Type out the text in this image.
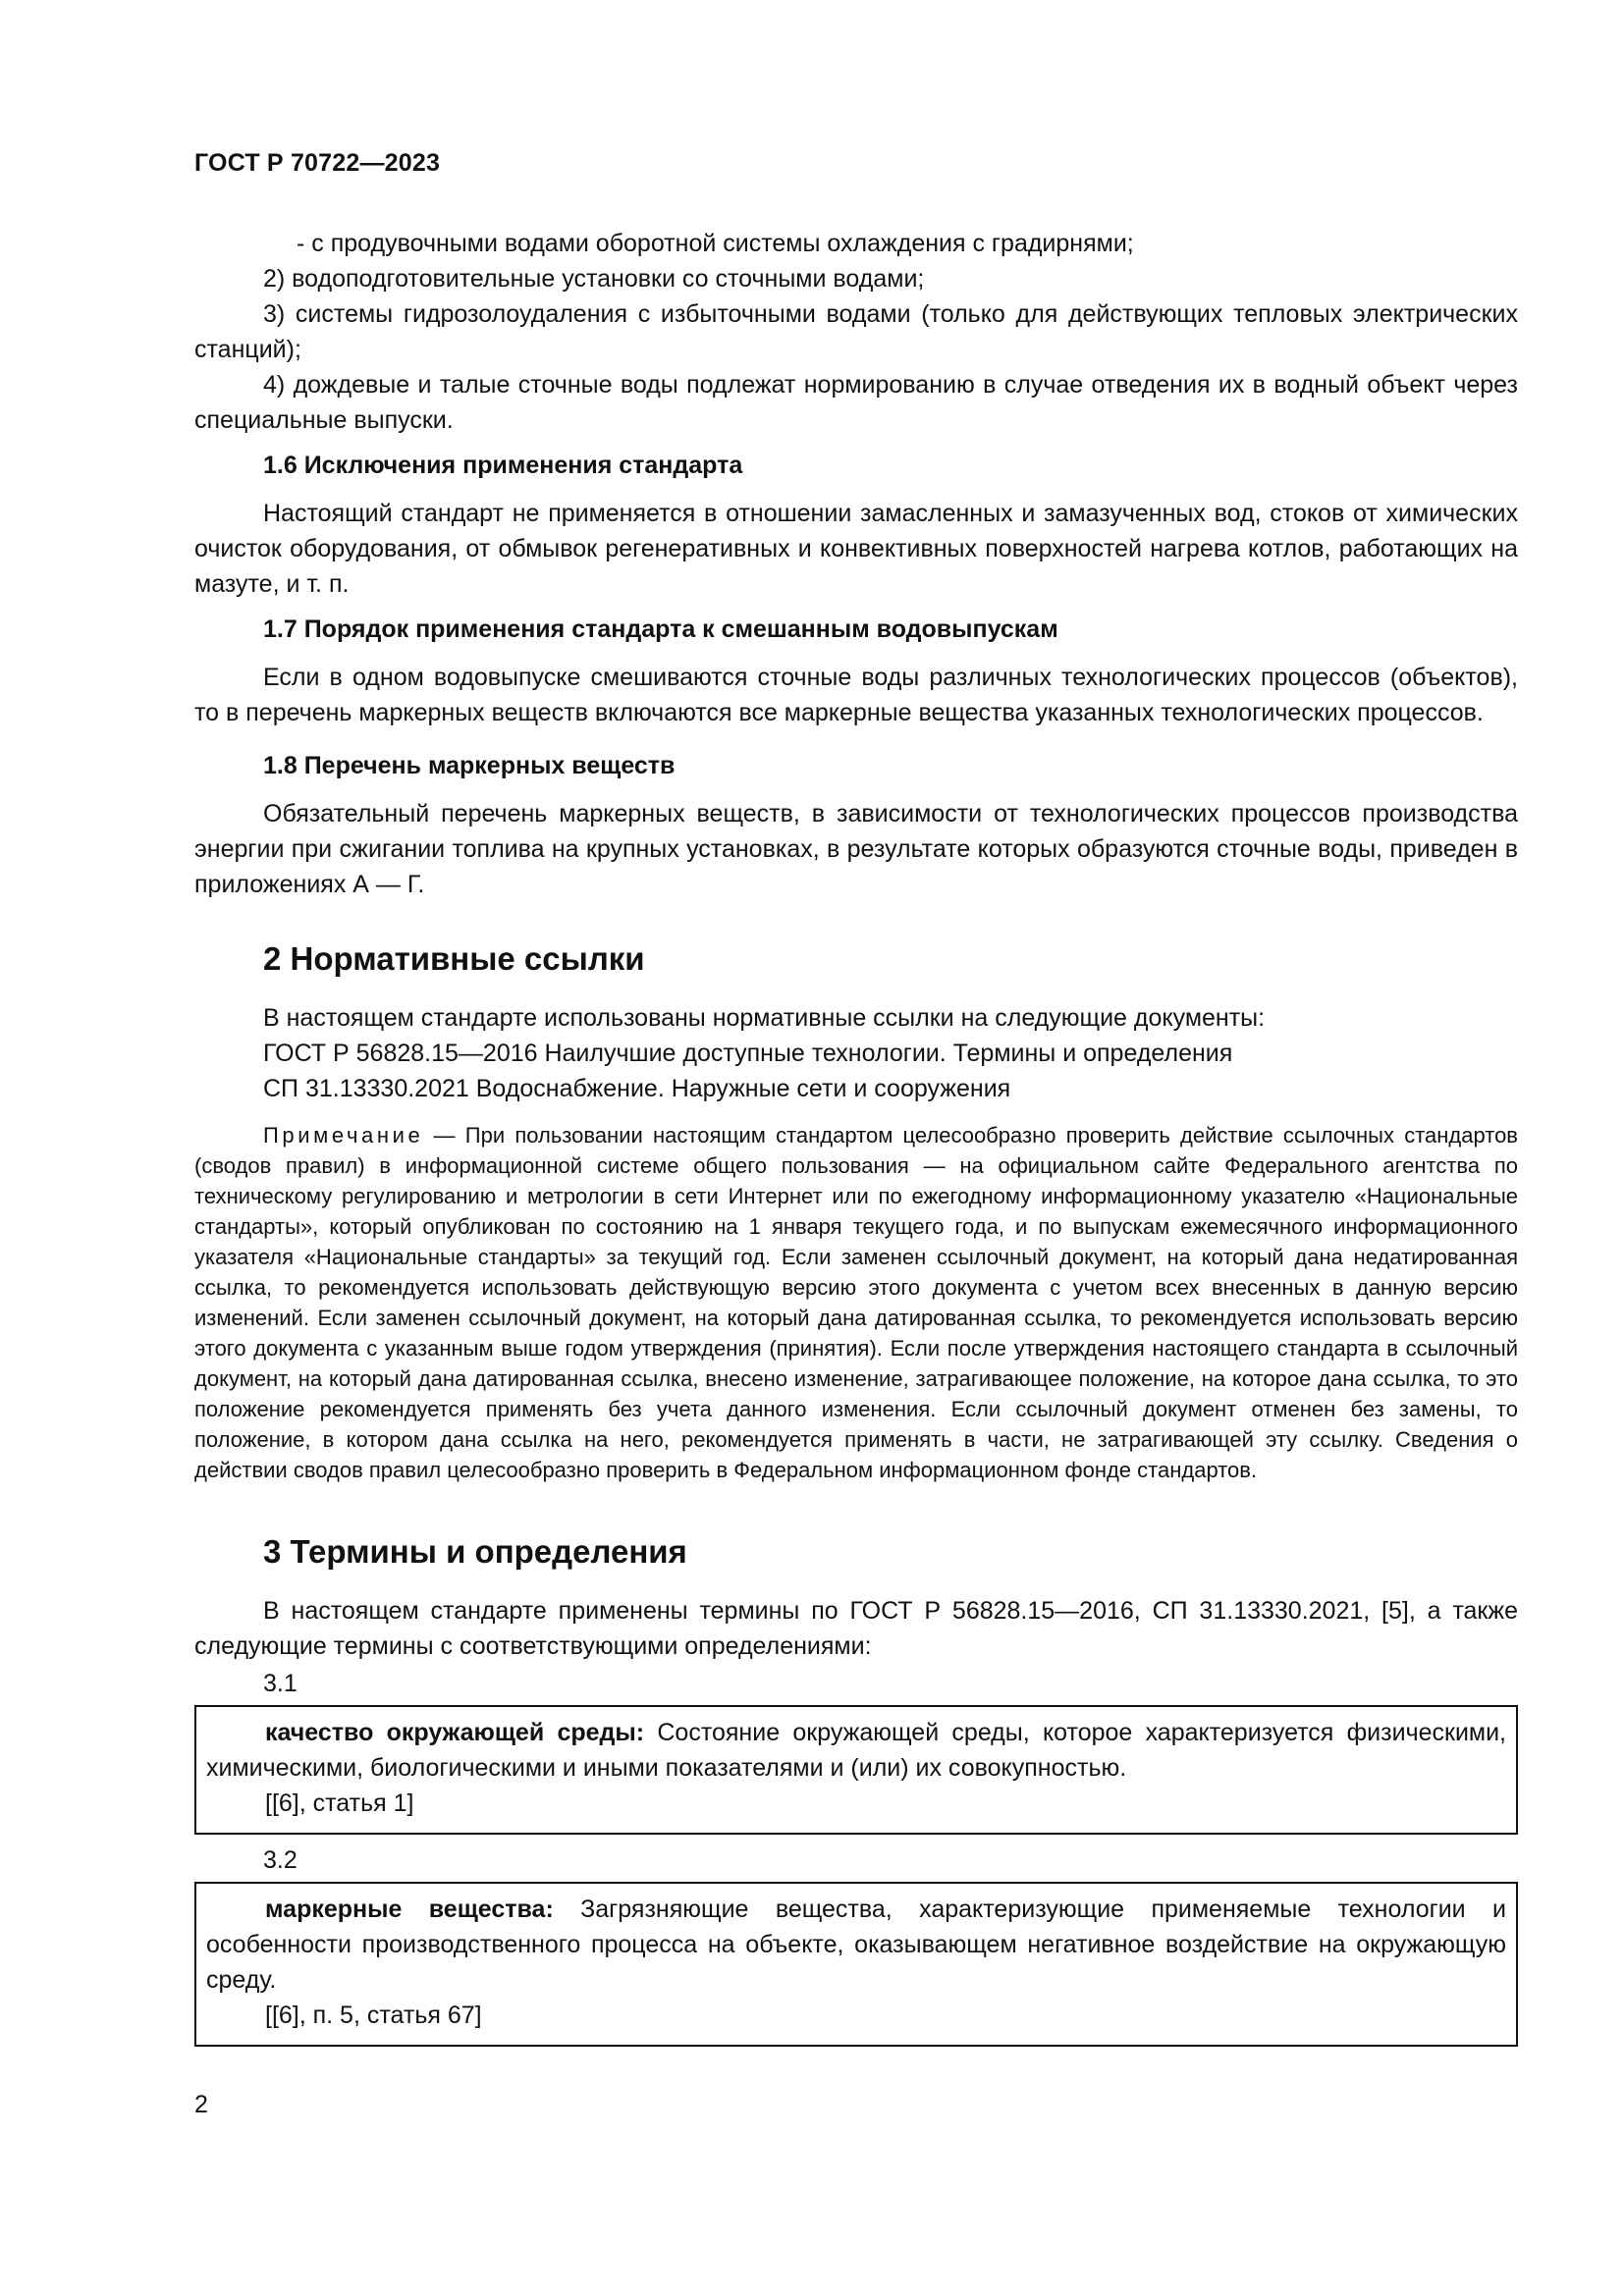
ГОСТ Р 70722—2023

- с продувочными водами оборотной системы охлаждения с градирнями;

2) водоподготовительные установки со сточными водами;

3) системы гидрозолоудаления с избыточными водами (только для действующих тепловых электрических станций);

4) дождевые и талые сточные воды подлежат нормированию в случае отведения их в водный объект через специальные выпуски.

1.6 Исключения применения стандарта

Настоящий стандарт не применяется в отношении замасленных и замазученных вод, стоков от химических очисток оборудования, от обмывок регенеративных и конвективных поверхностей нагрева котлов, работающих на мазуте, и т. п.

1.7 Порядок применения стандарта к смешанным водовыпускам

Если в одном водовыпуске смешиваются сточные воды различных технологических процессов (объектов), то в перечень маркерных веществ включаются все маркерные вещества указанных технологических процессов.

1.8 Перечень маркерных веществ

Обязательный перечень маркерных веществ, в зависимости от технологических процессов производства энергии при сжигании топлива на крупных установках, в результате которых образуются сточные воды, приведен в приложениях А — Г.

2 Нормативные ссылки

В настоящем стандарте использованы нормативные ссылки на следующие документы:

ГОСТ Р 56828.15—2016 Наилучшие доступные технологии. Термины и определения

СП 31.13330.2021 Водоснабжение. Наружные сети и сооружения

Примечание — При пользовании настоящим стандартом целесообразно проверить действие ссылочных стандартов (сводов правил) в информационной системе общего пользования — на официальном сайте Федерального агентства по техническому регулированию и метрологии в сети Интернет или по ежегодному информационному указателю «Национальные стандарты», который опубликован по состоянию на 1 января текущего года, и по выпускам ежемесячного информационного указателя «Национальные стандарты» за текущий год. Если заменен ссылочный документ, на который дана недатированная ссылка, то рекомендуется использовать действующую версию этого документа с учетом всех внесенных в данную версию изменений. Если заменен ссылочный документ, на который дана датированная ссылка, то рекомендуется использовать версию этого документа с указанным выше годом утверждения (принятия). Если после утверждения настоящего стандарта в ссылочный документ, на который дана датированная ссылка, внесено изменение, затрагивающее положение, на которое дана ссылка, то это положение рекомендуется применять без учета данного изменения. Если ссылочный документ отменен без замены, то положение, в котором дана ссылка на него, рекомендуется применять в части, не затрагивающей эту ссылку. Сведения о действии сводов правил целесообразно проверить в Федеральном информационном фонде стандартов.

3 Термины и определения

В настоящем стандарте применены термины по ГОСТ Р 56828.15—2016, СП 31.13330.2021, [5], а также следующие термины с соответствующими определениями:

3.1

качество окружающей среды: Состояние окружающей среды, которое характеризуется физическими, химическими, биологическими и иными показателями и (или) их совокупностью.

[[6], статья 1]
3.2

маркерные вещества: Загрязняющие вещества, характеризующие применяемые технологии и особенности производственного процесса на объекте, оказывающем негативное воздействие на окружающую среду.

[[6], п. 5, статья 67]
2
